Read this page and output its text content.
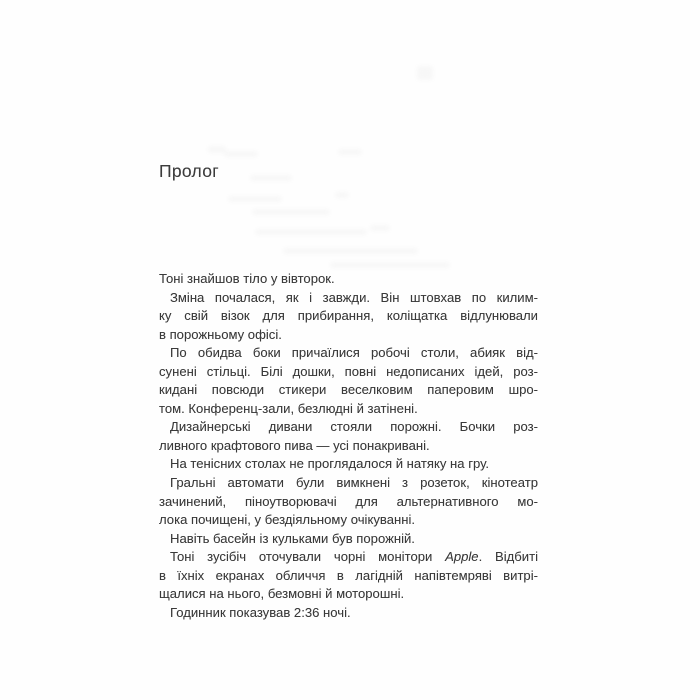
Пролог
Тоні знайшов тіло у вівторок.
Зміна почалася, як і завжди. Він штовхав по килим-
ку свій візок для прибирання, коліщатка відлунювали
в порожньому офісі.
По обидва боки причаїлися робочі столи, абияк від-
сунені стільці. Білі дошки, повні недописаних ідей, роз-
кидані повсюди стикери веселковим паперовим шро-
том. Конференц-зали, безлюдні й затінені.
Дизайнерські дивани стояли порожні. Бочки роз-
ливного крафтового пива — усі понакривані.
На тенісних столах не проглядалося й натяку на гру.
Гральні автомати були вимкнені з розеток, кінотеатр
зачинений, піноутворювачі для альтернативного мо-
лока почищені, у бездіяльному очікуванні.
Навіть басейн із кульками був порожній.
Тоні зусібіч оточували чорні монітори Apple. Відбиті
в їхніх екранах обличчя в лагідній напівтемряві витрі-
щалися на нього, безмовні й моторошні.
Годинник показував 2:36 ночі.
